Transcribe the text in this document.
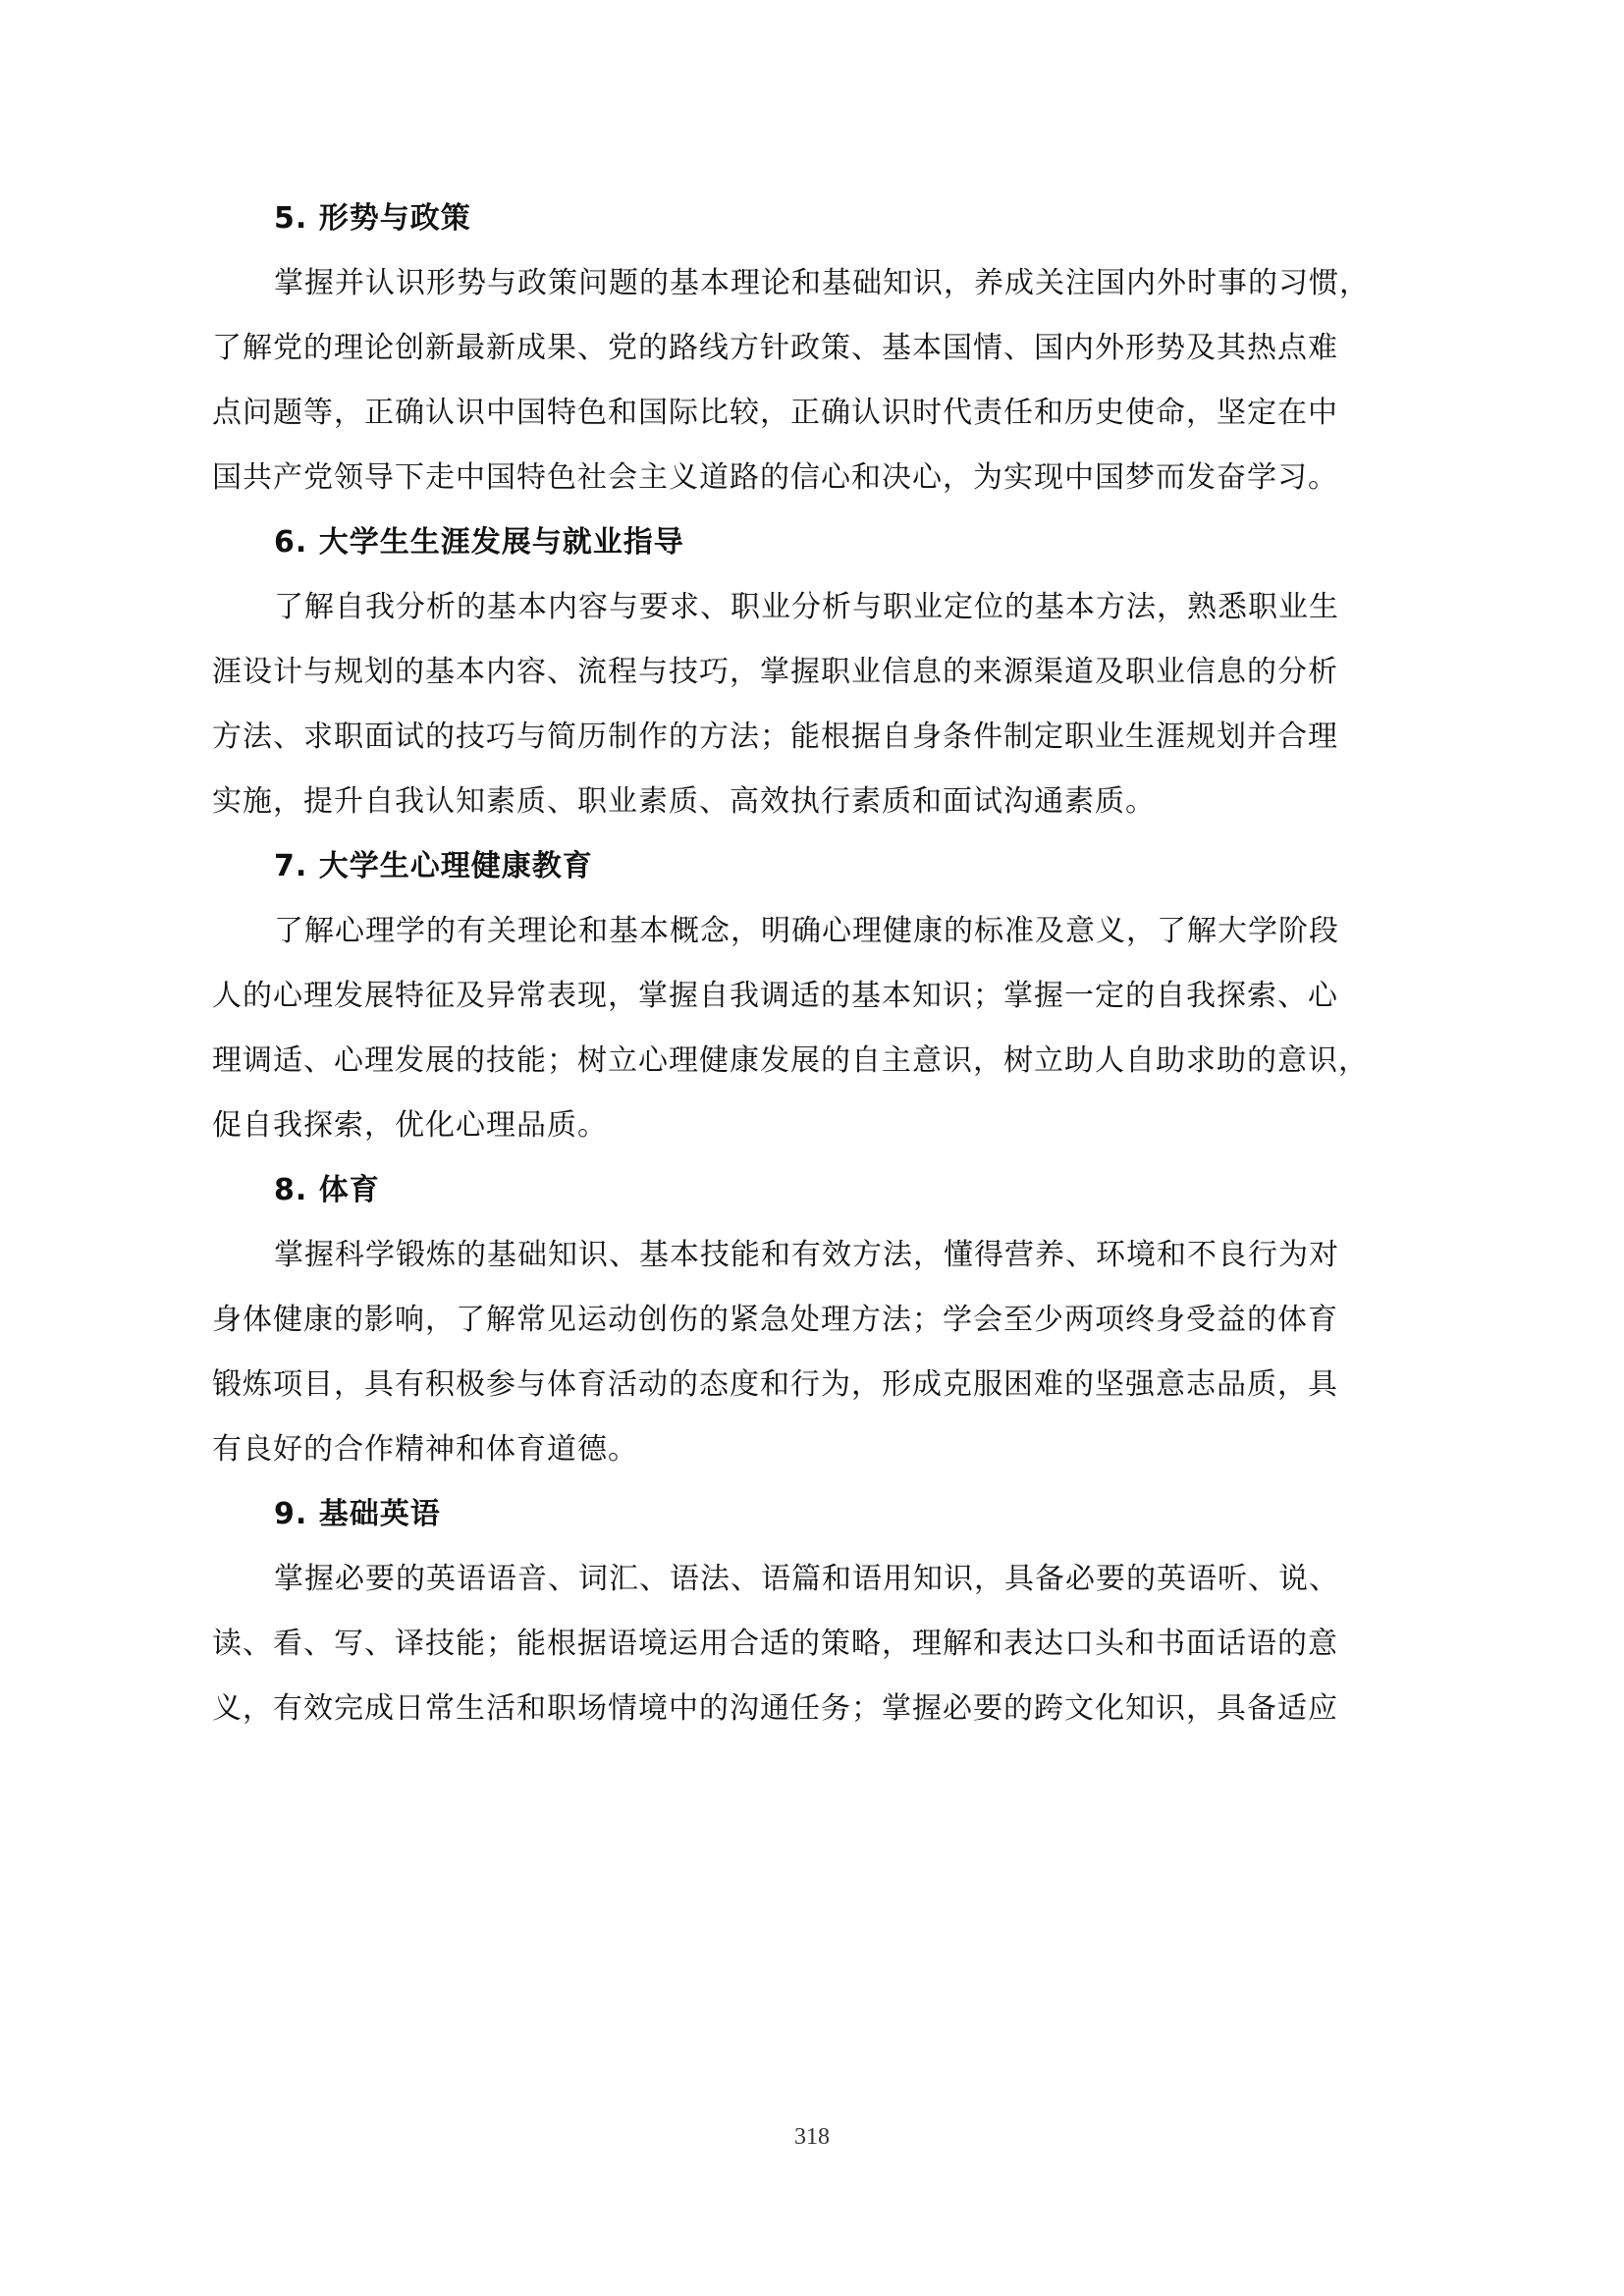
5. 形势与政策
掌握并认识形势与政策问题的基本理论和基础知识，养成关注国内外时事的习惯，
了解党的理论创新最新成果、党的路线方针政策、基本国情、国内外形势及其热点难
点问题等，正确认识中国特色和国际比较，正确认识时代责任和历史使命，坚定在中
国共产党领导下走中国特色社会主义道路的信心和决心，为实现中国梦而发奋学习。
6. 大学生生涯发展与就业指导
了解自我分析的基本内容与要求、职业分析与职业定位的基本方法，熟悉职业生
涯设计与规划的基本内容、流程与技巧，掌握职业信息的来源渠道及职业信息的分析
方法、求职面试的技巧与简历制作的方法；能根据自身条件制定职业生涯规划并合理
实施，提升自我认知素质、职业素质、高效执行素质和面试沟通素质。
7. 大学生心理健康教育
了解心理学的有关理论和基本概念，明确心理健康的标准及意义，了解大学阶段
人的心理发展特征及异常表现，掌握自我调适的基本知识；掌握一定的自我探索、心
理调适、心理发展的技能；树立心理健康发展的自主意识，树立助人自助求助的意识，
促自我探索，优化心理品质。
8. 体育
掌握科学锻炼的基础知识、基本技能和有效方法，懂得营养、环境和不良行为对
身体健康的影响，了解常见运动创伤的紧急处理方法；学会至少两项终身受益的体育
锻炼项目，具有积极参与体育活动的态度和行为，形成克服困难的坚强意志品质，具
有良好的合作精神和体育道德。
9. 基础英语
掌握必要的英语语音、词汇、语法、语篇和语用知识，具备必要的英语听、说、
读、看、写、译技能；能根据语境运用合适的策略，理解和表达口头和书面话语的意
义，有效完成日常生活和职场情境中的沟通任务；掌握必要的跨文化知识，具备适应
318
